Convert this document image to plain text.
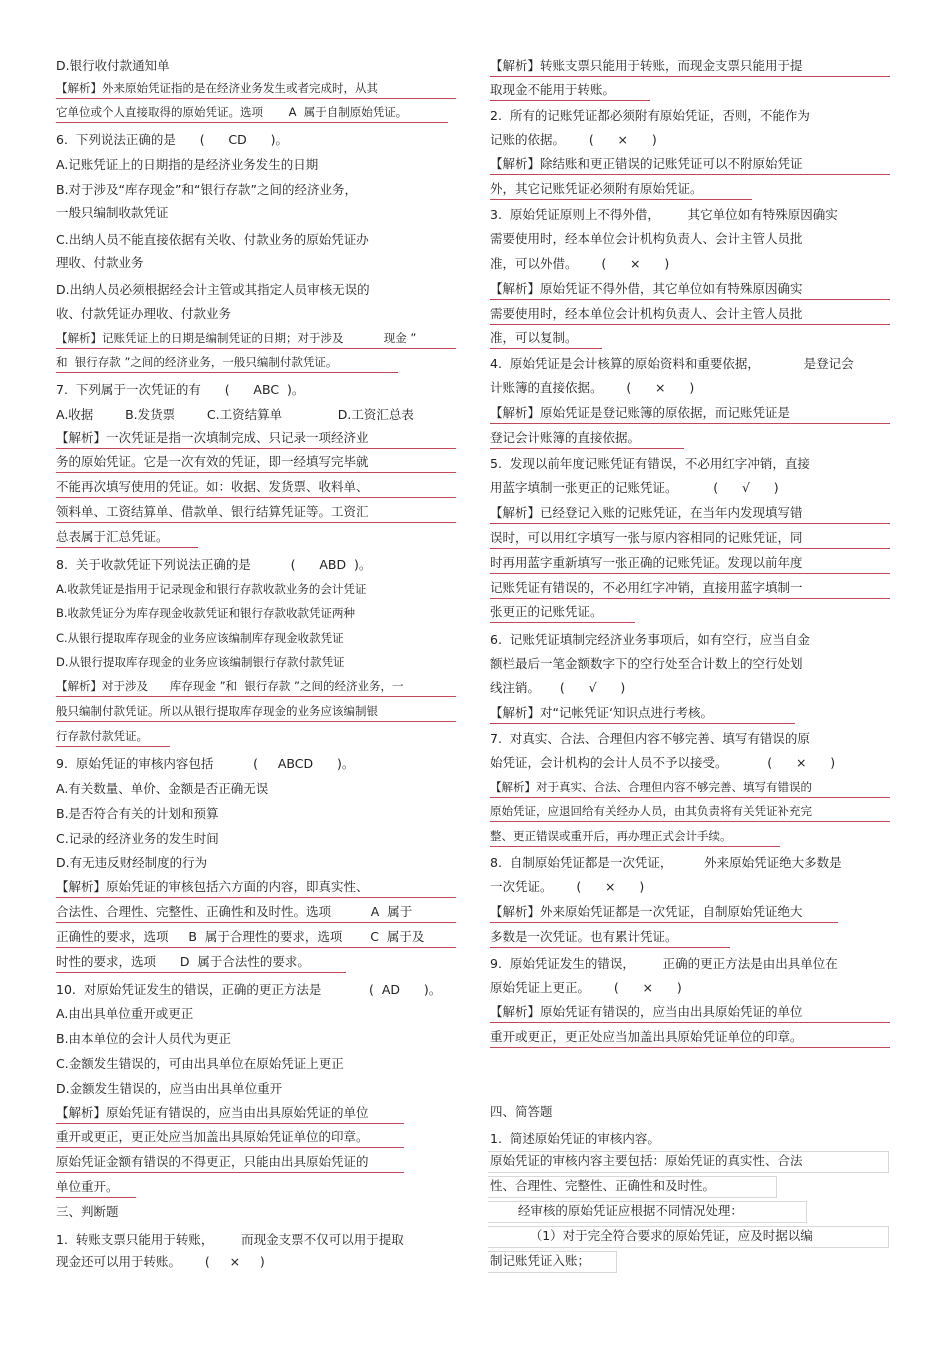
D.银行收付款通知单
【解析】外来原始凭证指的是在经济业务发生或者完成时，从其
它单位或个人直接取得的原始凭证。选项       A  属于自制原始凭证。
6.  下列说法正确的是      (      CD      )。
A.记账凭证上的日期指的是经济业务发生的日期
B.对于涉及“库存现金”和“银行存款”之间的经济业务，
一般只编制收款凭证
C.出纳人员不能直接依据有关收、付款业务的原始凭证办
理收、付款业务
D.出纳人员必须根据经会计主管或其指定人员审核无误的
收、付款凭证办理收、付款业务
【解析】记账凭证上的日期是编制凭证的日期；对于涉及           现金 ”
和  银行存款 ”之间的经济业务，一般只编制付款凭证。
7.  下列属于一次凭证的有      (      ABC  )。
A.收据        B.发货票        C.工资结算单              D.工资汇总表
【解析】一次凭证是指一次填制完成、只记录一项经济业
务的原始凭证。它是一次有效的凭证，即一经填写完毕就
不能再次填写使用的凭证。如：收据、发货票、收料单、
领料单、工资结算单、借款单、银行结算凭证等。工资汇
总表属于汇总凭证。
8.  关于收款凭证下列说法正确的是          (      ABD  )。
A.收款凭证是指用于记录现金和银行存款收款业务的会计凭证
B.收款凭证分为库存现金收款凭证和银行存款收款凭证两种
C.从银行提取库存现金的业务应该编制库存现金收款凭证
D.从银行提取库存现金的业务应该编制银行存款付款凭证
【解析】对于涉及      库存现金 ”和  银行存款 ”之间的经济业务，一
般只编制付款凭证。所以从银行提取库存现金的业务应该编制银
行存款付款凭证。
9.  原始凭证的审核内容包括          (     ABCD      )。
A.有关数量、单价、金额是否正确无误
B.是否符合有关的计划和预算
C.记录的经济业务的发生时间
D.有无违反财经制度的行为
【解析】原始凭证的审核包括六方面的内容，即真实性、
合法性、合理性、完整性、正确性和及时性。选项          A  属于
正确性的要求，选项     B  属于合理性的要求，选项       C  属于及
时性的要求，选项      D  属于合法性的要求。
10.  对原始凭证发生的错误，正确的更正方法是            (  AD      )。
A.由出具单位重开或更正
B.由本单位的会计人员代为更正
C.金额发生错误的，可由出具单位在原始凭证上更正
D.金额发生错误的，应当由出具单位重开
【解析】原始凭证有错误的，应当由出具原始凭证的单位
重开或更正，更正处应当加盖出具原始凭证单位的印章。
原始凭证金额有错误的不得更正，只能由出具原始凭证的
单位重开。
三、判断题
1.  转账支票只能用于转账，       而现金支票不仅可以用于提取
现金还可以用于转账。      (     ×     )
【解析】转账支票只能用于转账，而现金支票只能用于提
取现金不能用于转账。
2.  所有的记账凭证都必须附有原始凭证，否则，不能作为
记账的依据。      (      ×      )
【解析】除结账和更正错误的记账凭证可以不附原始凭证
外，其它记账凭证必须附有原始凭证。
3.  原始凭证原则上不得外借，       其它单位如有特殊原因确实
需要使用时，经本单位会计机构负责人、会计主管人员批
准，可以外借。      (      ×      )
【解析】原始凭证不得外借，其它单位如有特殊原因确实
需要使用时，经本单位会计机构负责人、会计主管人员批
准，可以复制。
4.  原始凭证是会计核算的原始资料和重要依据，           是登记会
计账簿的直接依据。      (      ×      )
【解析】原始凭证是登记账簿的原依据，而记账凭证是
登记会计账簿的直接依据。
5.  发现以前年度记账凭证有错误，不必用红字冲销，直接
用蓝字填制一张更正的记账凭证。         (      √      )
【解析】已经登记入账的记账凭证，在当年内发现填写错
误时，可以用红字填写一张与原内容相同的记账凭证，同
时再用蓝字重新填写一张正确的记账凭证。发现以前年度
记账凭证有错误的，不必用红字冲销，直接用蓝字填制一
张更正的记账凭证。
6.  记账凭证填制完经济业务事项后，如有空行，应当自金
额栏最后一笔金额数字下的空行处至合计数上的空行处划
线注销。     (      √      )
【解析】对“记帐凭证‘知识点进行考核。
7.  对真实、合法、合理但内容不够完善、填写有错误的原
始凭证，会计机构的会计人员不予以接受。          (      ×      )
【解析】对于真实、合法、合理但内容不够完善、填写有错误的
原始凭证，应退回给有关经办人员，由其负责将有关凭证补充完
整、更正错误或重开后，再办理正式会计手续。
8.  自制原始凭证都是一次凭证，        外来原始凭证绝大多数是
一次凭证。      (      ×      )
【解析】外来原始凭证都是一次凭证，自制原始凭证绝大
多数是一次凭证。也有累计凭证。
9.  原始凭证发生的错误，       正确的更正方法是由出具单位在
原始凭证上更正。      (      ×      )
【解析】原始凭证有错误的，应当由出具原始凭证的单位
重开或更正，更正处应当加盖出具原始凭证单位的印章。
四、简答题
1.  简述原始凭证的审核内容。
原始凭证的审核内容主要包括：原始凭证的真实性、合法
性、合理性、完整性、正确性和及时性。
经审核的原始凭证应根据不同情况处理：
（1）对于完全符合要求的原始凭证，应及时据以编
制记账凭证入账；
